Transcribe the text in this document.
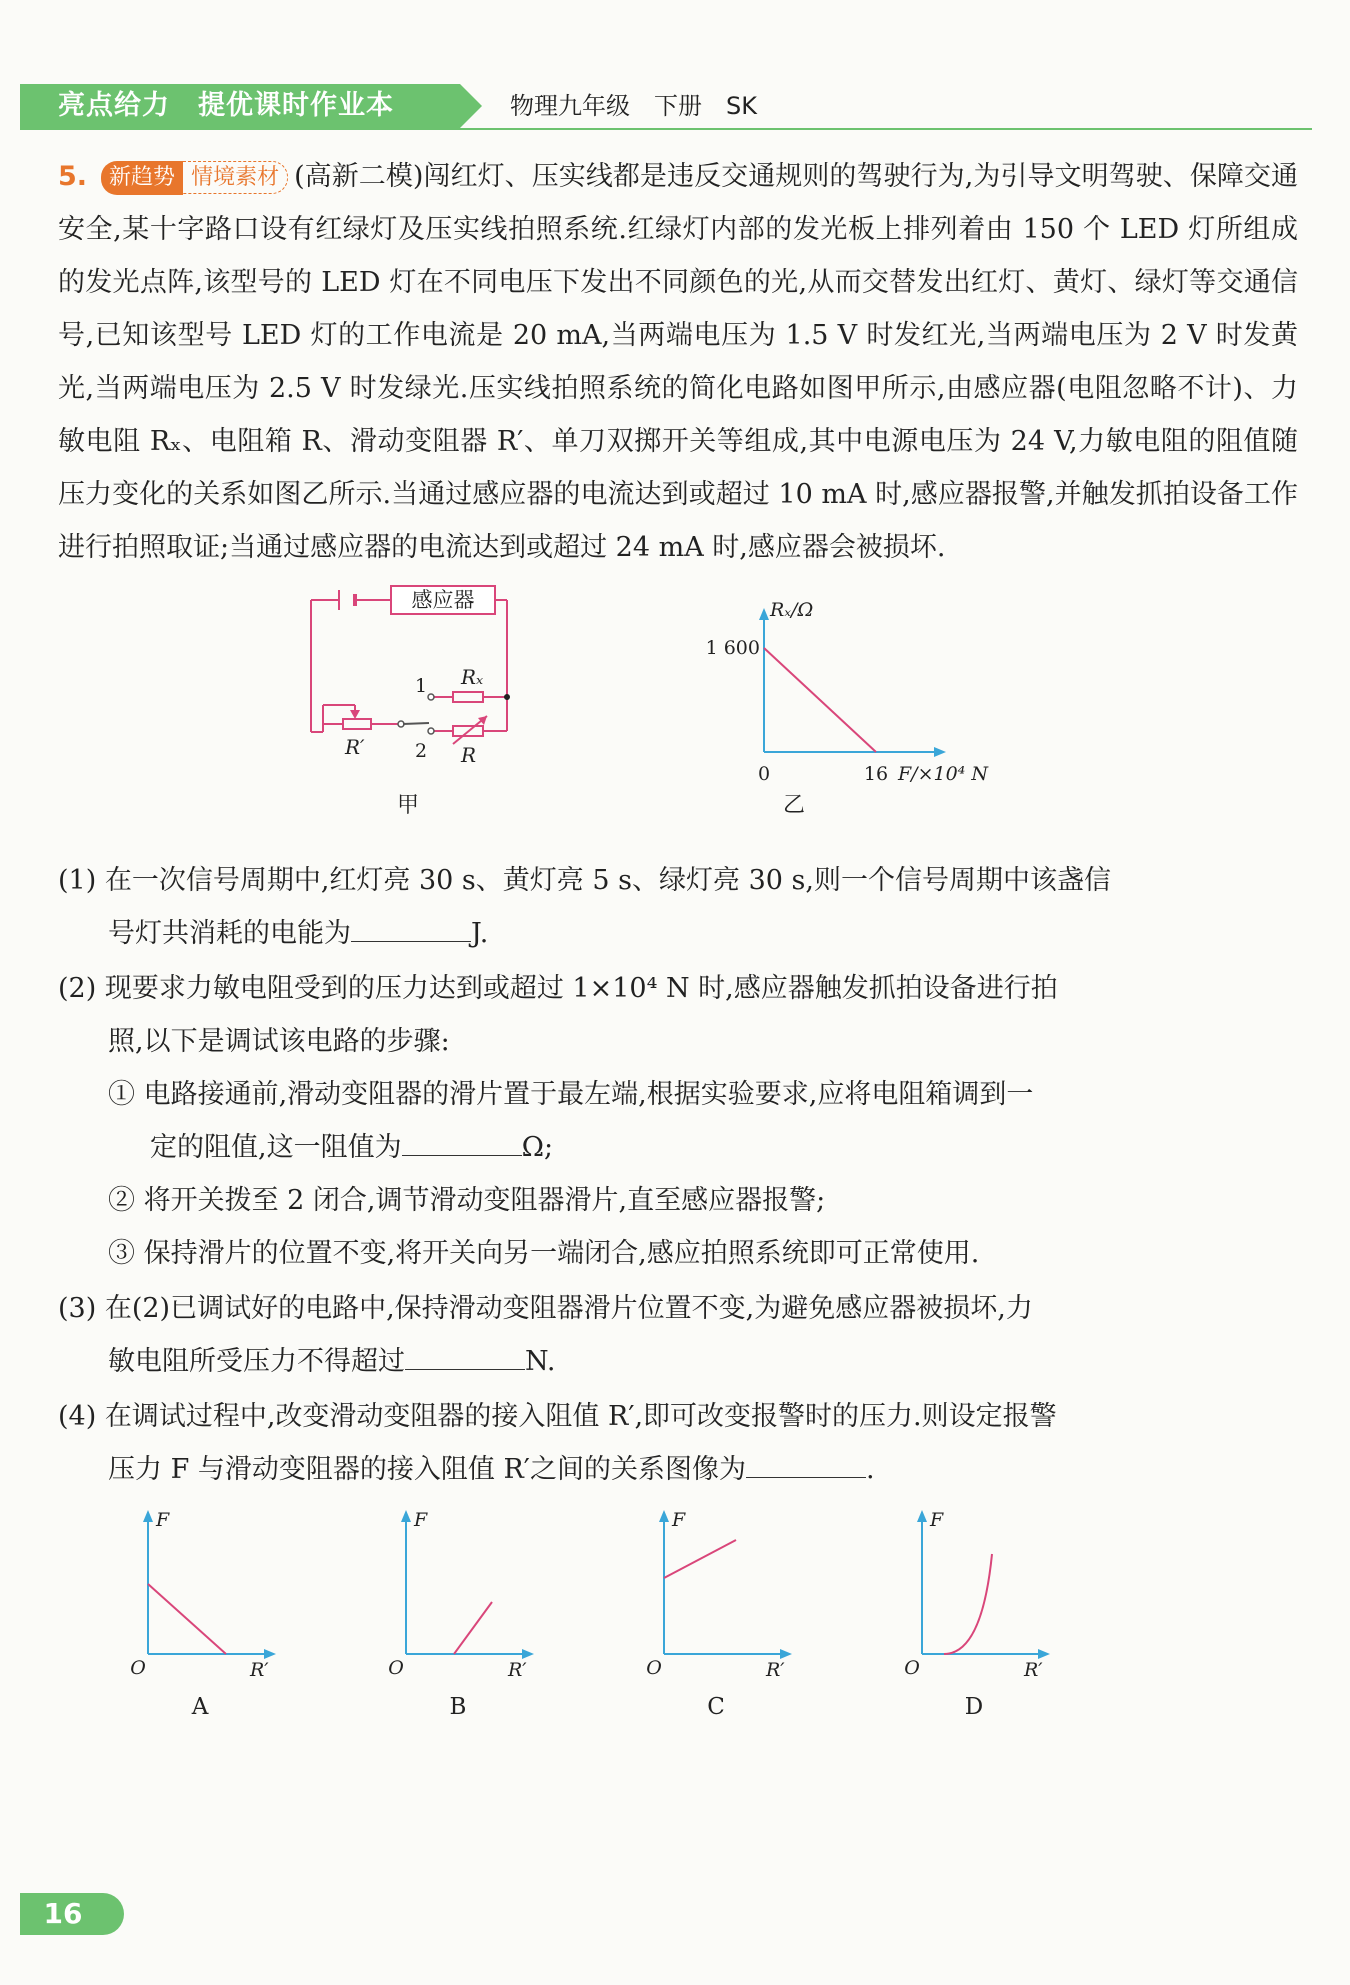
亮点给力　提优课时作业本	物理九年级　下册　SK
5. 新趋势 情境素材 (高新二模)闯红灯、压实线都是违反交通规则的驾驶行为,为引导文明驾驶、保障交通安全,某十字路口设有红绿灯及压实线拍照系统.红绿灯内部的发光板上排列着由 150 个 LED 灯所组成的发光点阵,该型号的 LED 灯在不同电压下发出不同颜色的光,从而交替发出红灯、黄灯、绿灯等交通信号,已知该型号 LED 灯的工作电流是 20 mA,当两端电压为 1.5 V 时发红光,当两端电压为 2 V 时发黄光,当两端电压为 2.5 V 时发绿光.压实线拍照系统的简化电路如图甲所示,由感应器(电阻忽略不计)、力敏电阻 Rₓ、电阻箱 R、滑动变阻器 R′、单刀双掷开关等组成,其中电源电压为 24 V,力敏电阻的阻值随压力变化的关系如图乙所示.当通过感应器的电流达到或超过 10 mA 时,感应器报警,并触发抓拍设备工作进行拍照取证;当通过感应器的电流达到或超过 24 mA 时,感应器会被损坏.
感应器
1
2
Rₓ
R
R′
甲
Rₓ/Ω
1 600
0	16 F/×10⁴ N
乙
(1) 在一次信号周期中,红灯亮 30 s、黄灯亮 5 s、绿灯亮 30 s,则一个信号周期中该盏信
号灯共消耗的电能为	J.
(2) 现要求力敏电阻受到的压力达到或超过 1×10⁴ N 时,感应器触发抓拍设备进行拍
照,以下是调试该电路的步骤:
① 电路接通前,滑动变阻器的滑片置于最左端,根据实验要求,应将电阻箱调到一
定的阻值,这一阻值为	Ω;
② 将开关拨至 2 闭合,调节滑动变阻器滑片,直至感应器报警;
③ 保持滑片的位置不变,将开关向另一端闭合,感应拍照系统即可正常使用.
(3) 在(2)已调试好的电路中,保持滑动变阻器滑片位置不变,为避免感应器被损坏,力
敏电阻所受压力不得超过	N.
(4) 在调试过程中,改变滑动变阻器的接入阻值 R′,即可改变报警时的压力.则设定报警
压力 F 与滑动变阻器的接入阻值 R′之间的关系图像为	.
F
O	R′
A
F
O	R′
B
F
O	R′
C
F
O	R′
D
16
